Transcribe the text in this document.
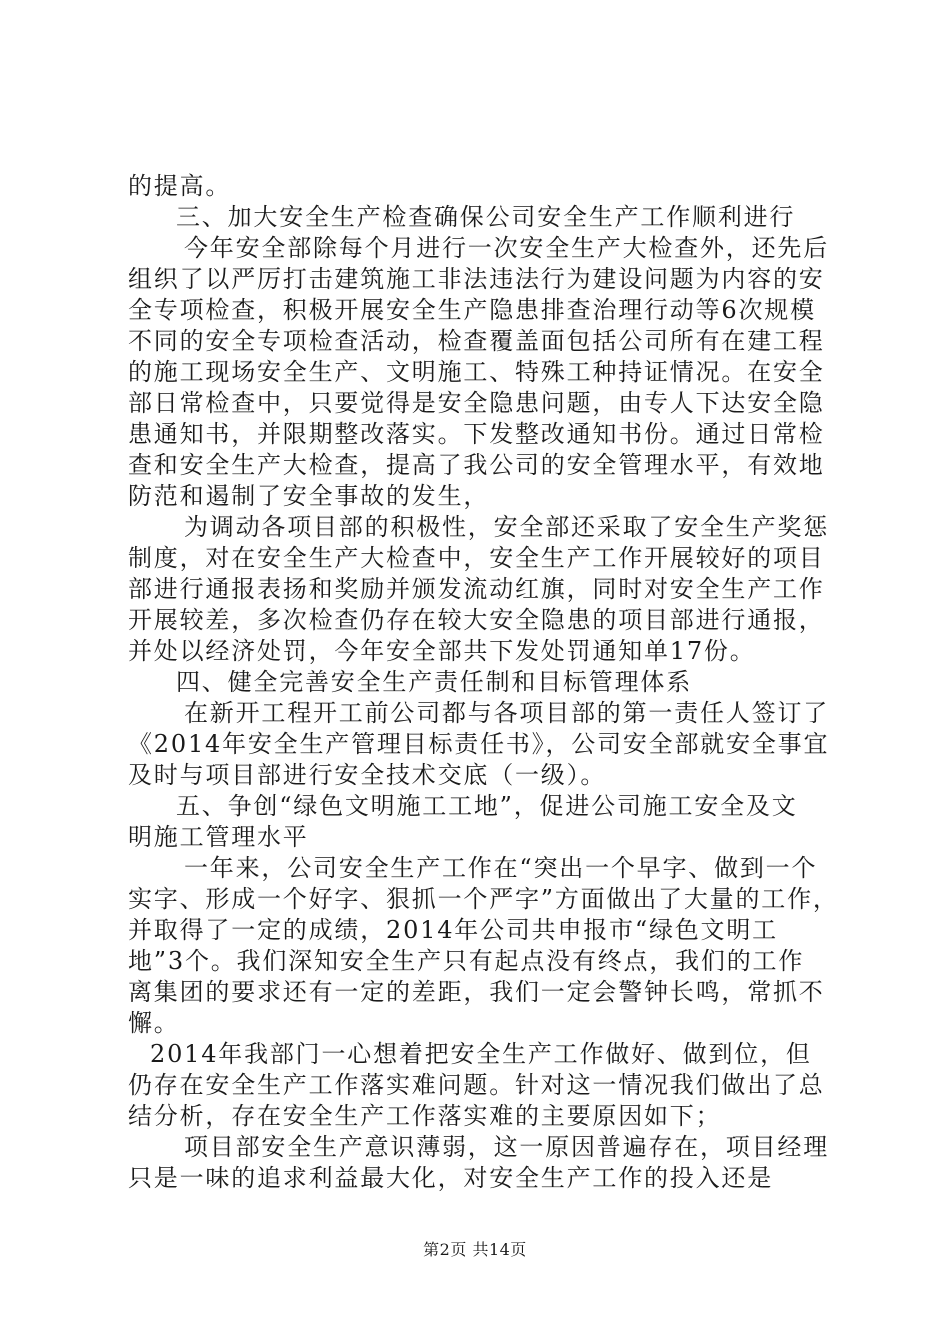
的提高。
三、加大安全生产检查确保公司安全生产工作顺利进行
今年安全部除每个月进行一次安全生产大检查外，还先后
组织了以严厉打击建筑施工非法违法行为建设问题为内容的安
全专项检查，积极开展安全生产隐患排查治理行动等6次规模
不同的安全专项检查活动，检查覆盖面包括公司所有在建工程
的施工现场安全生产、文明施工、特殊工种持证情况。在安全
部日常检查中，只要觉得是安全隐患问题，由专人下达安全隐
患通知书，并限期整改落实。下发整改通知书份。通过日常检
查和安全生产大检查，提高了我公司的安全管理水平，有效地
防范和遏制了安全事故的发生，
为调动各项目部的积极性，安全部还采取了安全生产奖惩
制度，对在安全生产大检查中，安全生产工作开展较好的项目
部进行通报表扬和奖励并颁发流动红旗，同时对安全生产工作
开展较差，多次检查仍存在较大安全隐患的项目部进行通报，
并处以经济处罚，今年安全部共下发处罚通知单17份。
四、健全完善安全生产责任制和目标管理体系
在新开工程开工前公司都与各项目部的第一责任人签订了
《2014年安全生产管理目标责任书》，公司安全部就安全事宜
及时与项目部进行安全技术交底（一级）。
五、争创“绿色文明施工工地”，促进公司施工安全及文
明施工管理水平
一年来，公司安全生产工作在“突出一个早字、做到一个
实字、形成一个好字、狠抓一个严字”方面做出了大量的工作，
并取得了一定的成绩，2014年公司共申报市“绿色文明工
地”3个。我们深知安全生产只有起点没有终点，我们的工作
离集团的要求还有一定的差距，我们一定会警钟长鸣，常抓不
懈。
2014年我部门一心想着把安全生产工作做好、做到位，但
仍存在安全生产工作落实难问题。针对这一情况我们做出了总
结分析，存在安全生产工作落实难的主要原因如下；
项目部安全生产意识薄弱，这一原因普遍存在，项目经理
只是一味的追求利益最大化，对安全生产工作的投入还是
第2页 共14页
